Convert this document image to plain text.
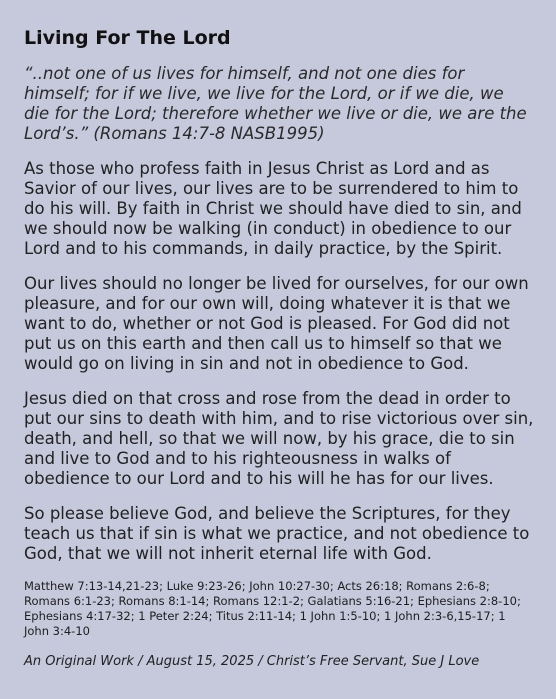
Living For The Lord

“..not one of us lives for himself, and not one dies for himself; for if we live, we live for the Lord, or if we die, we die for the Lord; therefore whether we live or die, we are the Lord’s.” (Romans 14:7-8 NASB1995)

As those who profess faith in Jesus Christ as Lord and as Savior of our lives, our lives are to be surrendered to him to do his will. By faith in Christ we should have died to sin, and we should now be walking (in conduct) in obedience to our Lord and to his commands, in daily practice, by the Spirit.

Our lives should no longer be lived for ourselves, for our own pleasure, and for our own will, doing whatever it is that we want to do, whether or not God is pleased. For God did not put us on this earth and then call us to himself so that we would go on living in sin and not in obedience to God.

Jesus died on that cross and rose from the dead in order to put our sins to death with him, and to rise victorious over sin, death, and hell, so that we will now, by his grace, die to sin and live to God and to his righteousness in walks of obedience to our Lord and to his will he has for our lives.

So please believe God, and believe the Scriptures, for they teach us that if sin is what we practice, and not obedience to God, that we will not inherit eternal life with God.

Matthew 7:13-14,21-23; Luke 9:23-26; John 10:27-30; Acts 26:18; Romans 2:6-8; Romans 6:1-23; Romans 8:1-14; Romans 12:1-2; Galatians 5:16-21; Ephesians 2:8-10; Ephesians 4:17-32; 1 Peter 2:24; Titus 2:11-14; 1 John 1:5-10; 1 John 2:3-6,15-17; 1 John 3:4-10

An Original Work / August 15, 2025 / Christ’s Free Servant, Sue J Love
